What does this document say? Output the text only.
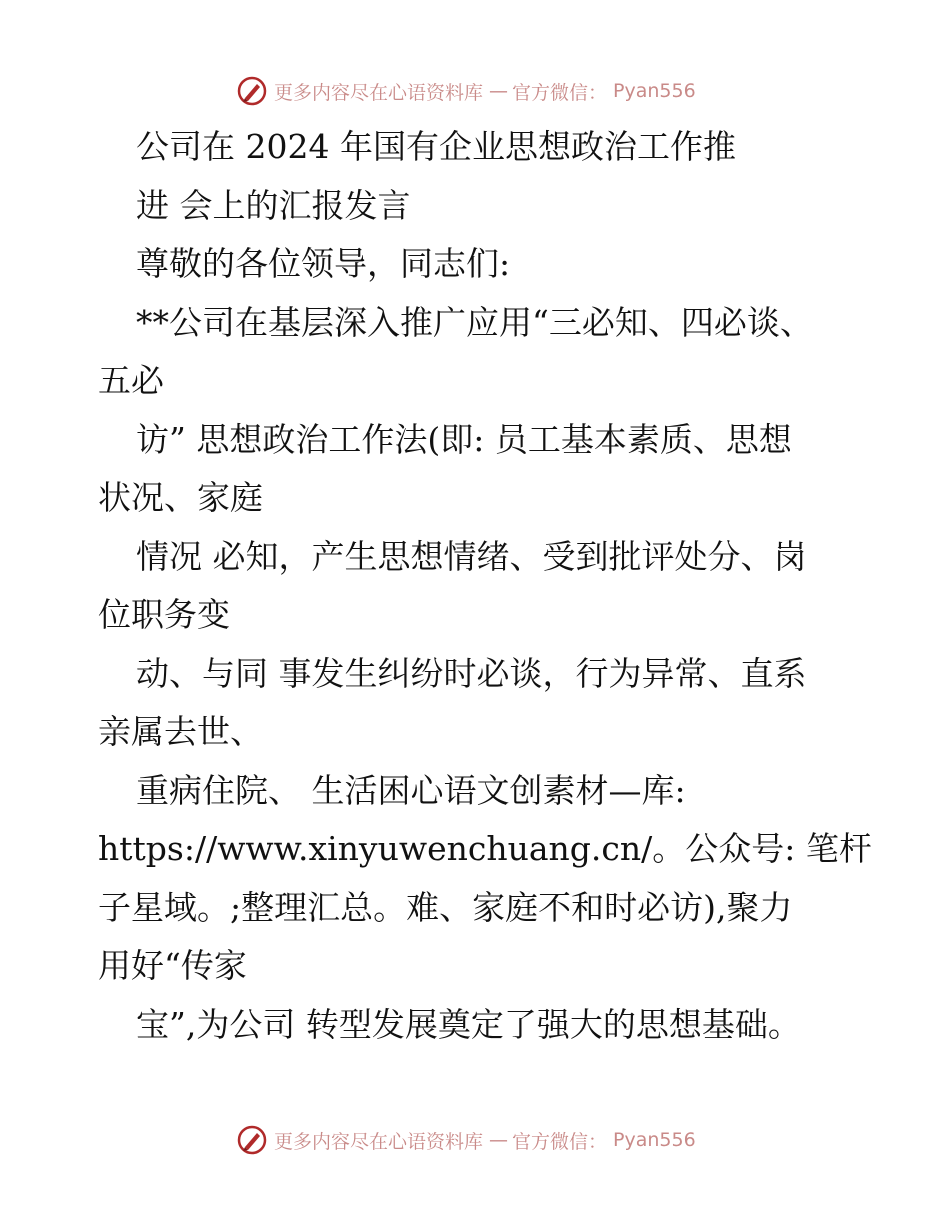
更多内容尽在心语资料库 — 官方微信： Pyan556
公司在 2024 年国有企业思想政治工作推
进 会上的汇报发言
尊敬的各位领导，同志们:
**公司在基层深入推广应用“三必知、四必谈、
五必
访” 思想政治工作法(即: 员工基本素质、思想
状况、家庭
情况 必知，产生思想情绪、受到批评处分、岗
位职务变
动、与同 事发生纠纷时必谈，行为异常、直系
亲属去世、
重病住院、 生活困心语文创素材—库:
https://www.xinyuwenchuang.cn/。公众号: 笔杆
子星域。;整理汇总。难、家庭不和时必访),聚力
用好“传家
宝”,为公司 转型发展奠定了强大的思想基础。
更多内容尽在心语资料库 — 官方微信： Pyan556
